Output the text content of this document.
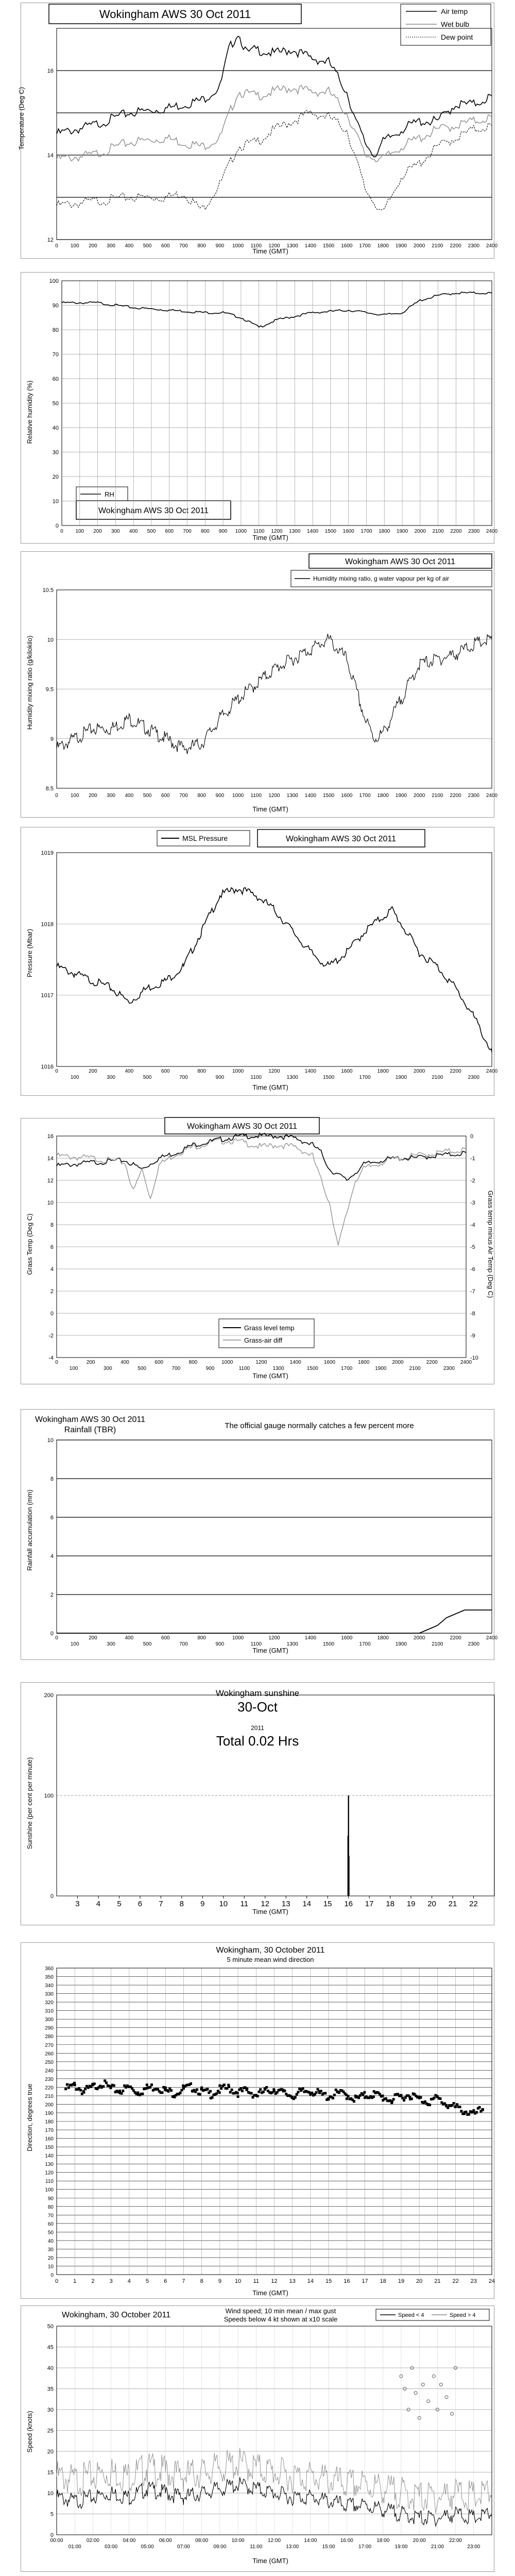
Wokingham AWS 30 Oct 2011
Temperature (Deg C)
Time (GMT)
Air temp
Wet bulb
Dew point
12
14
16
0 100 200 300 400 500 600 700 800 900 1000 1100 1200 1300 1400 1500 1600 1700 1800 1900 2000 2100 2200 2300 2400
Relative humidity (%)
Time (GMT)
RH
Wokingham AWS 30 Oct 2011
0
10
20
30
40
50
60
70
80
90
100
0 100 200 300 400 500 600 700 800 900 1000 1100 1200 1300 1400 1500 1600 1700 1800 1900 2000 2100 2200 2300 2400
Wokingham AWS 30 Oct 2011
Humidity mixing ratio, g water vapour per kg of air
Humidity mixing ratio (g/kilokilo)
Time (GMT)
8.5
9
9.5
10
10.5
0 100 200 300 400 500 600 700 800 900 1000 1100 1200 1300 1400 1500 1600 1700 1800 1900 2000 2100 2200 2300 2400
MSL Pressure	Wokingham AWS 30 Oct 2011
Pressure (Mbar)
Time (GMT)
1016
1017
1018
1019
0
100
200
300
400
500
600
700
800
900
1000
1100
1200
1300
1400
1500
1600
1700
1800
1900
2000
2100
2200
2300
2400
Wokingham AWS 30 Oct 2011
Grass Temp (Deg C)	Grass temp minus Air Temp (Deg C)
Time (GMT)
Grass level temp
Grass-air diff
-4
-2
0
2
4
6
8
10
12
14
16
-10
-9
-8
-7
-6
-5
-4
-3
-2
-1
0
0
100
200
300
400
500
600
700
800
900
1000
1100
1200
1300
1400
1500
1600
1700
1800
1900
2000
2100
2200
2300
2400
Wokingham AWS 30 Oct 2011
Rainfall (TBR)	The official gauge normally catches a few percent more
Rainfall accumulation (mm)
Time (GMT)
0
2
4
6
8
10
0
100
200
300
400
500
600
700
800
900
1000
1100
1200
1300
1400
1500
1600
1700
1800
1900
2000
2100
2200
2300
2400
Wokingham sunshine
30-Oct
2011
Total 0.02 Hrs
Sunshine (per cent per minute)
Time (GMT)
0
100
200
3 4 5 6 7 8 9 10 11 12 13 14 15 16 17 18 19 20 21 22
Wokingham, 30 October 2011
5 minute mean wind direction
Direction, degrees true
Time (GMT)
0
10
20
30
40
50
60
70
80
90
100
110
120
130
140
150
160
170
180
190
200
210
220
230
240
250
260
270
280
290
300
310
320
330
340
350
360
0	1	2	3	4	5	6	7	8	9 10 11 12 13 14 15 16 17 18 19 20 21 22 23 24
Wokingham, 30 October 2011	Wind speed; 10 min mean / max gust
Speeds below 4 kt shown at x10 scale	Speed < 4	Speed > 4
Speed (knots)
Time (GMT)
0
5
10
15
20
25
30
35
40
45
50
00:00
01:00
02:00
03:00
04:00
05:00
06:00
07:00
08:00
09:00
10:00
11:00
12:00
13:00
14:00
15:00
16:00
17:00
18:00
19:00
20:00
21:00
22:00
23:00
